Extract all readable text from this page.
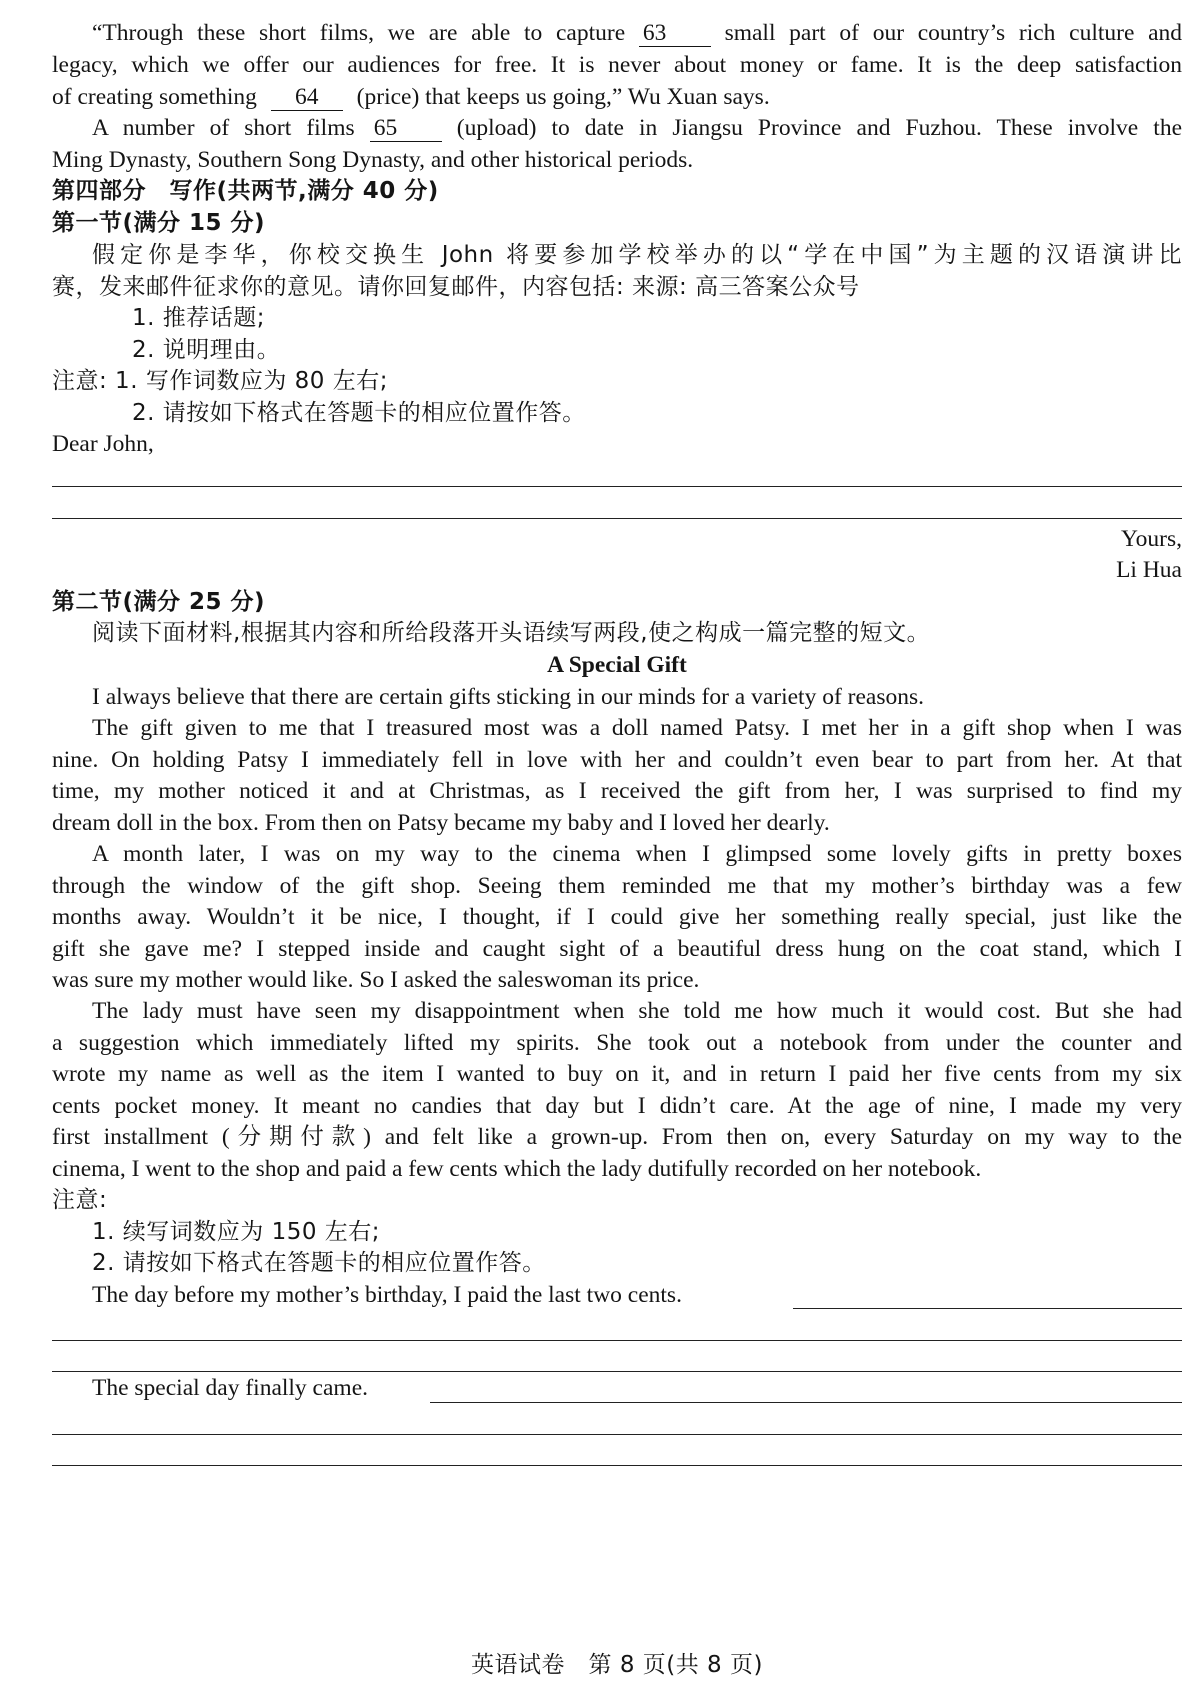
“Through these short films, we are able to capture 63 small part of our country’s rich culture and
legacy, which we offer our audiences for free. It is never about money or fame. It is the deep satisfaction
of creating something 64 (price) that keeps us going,” Wu Xuan says.
A number of short films 65	(upload) to date in Jiangsu Province and Fuzhou. These involve the
Ming Dynasty, Southern Song Dynasty, and other historical periods.
第四部分　写作(共两节,满分 40 分)
第一节(满分 15 分)
假定你是李华，你校交换生 John 将要参加学校举办的以“学在中国”为主题的汉语演讲比
赛，发来邮件征求你的意见。请你回复邮件，内容包括: 来源: 高三答案公众号
1. 推荐话题;
2. 说明理由。
注意: 1. 写作词数应为 80 左右;
2. 请按如下格式在答题卡的相应位置作答。
Dear John,
Yours,
Li Hua
第二节(满分 25 分)
阅读下面材料,根据其内容和所给段落开头语续写两段,使之构成一篇完整的短文。
A Special Gift
I always believe that there are certain gifts sticking in our minds for a variety of reasons.
The gift given to me that I treasured most was a doll named Patsy. I met her in a gift shop when I was
nine. On holding Patsy I immediately fell in love with her and couldn’t even bear to part from her. At that
time, my mother noticed it and at Christmas, as I received the gift from her, I was surprised to find my
dream doll in the box. From then on Patsy became my baby and I loved her dearly.
A month later, I was on my way to the cinema when I glimpsed some lovely gifts in pretty boxes
through the window of the gift shop. Seeing them reminded me that my mother’s birthday was a few
months away. Wouldn’t it be nice, I thought, if I could give her something really special, just like the
gift she gave me? I stepped inside and caught sight of a beautiful dress hung on the coat stand, which I
was sure my mother would like. So I asked the saleswoman its price.
The lady must have seen my disappointment when she told me how much it would cost. But she had
a suggestion which immediately lifted my spirits. She took out a notebook from under the counter and
wrote my name as well as the item I wanted to buy on it, and in return I paid her five cents from my six
cents pocket money. It meant no candies that day but I didn’t care. At the age of nine, I made my very
first installment (分期付款) and felt like a grown-up. From then on, every Saturday on my way to the
cinema, I went to the shop and paid a few cents which the lady dutifully recorded on her notebook.
注意:
1. 续写词数应为 150 左右;
2. 请按如下格式在答题卡的相应位置作答。
The day before my mother’s birthday, I paid the last two cents.
The special day finally came.
英语试卷　第 8 页(共 8 页)
